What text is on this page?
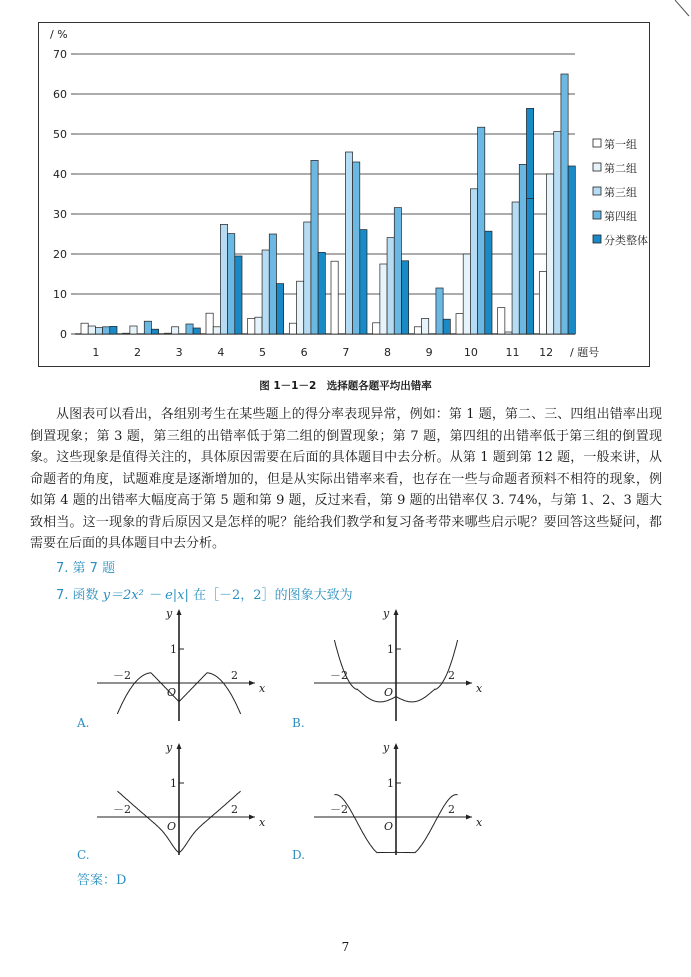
/ %
/ 题号
0
10
20
30
40
50
60
70
1	2	3	4	5	6	7	8	9	10	11 12
第一组
第二组
第三组
第四组
分类整体
图 1－1－2　选择题各题平均出错率

从图表可以看出，各组别考生在某些题上的得分率表现异常，例如：第 1 题，第二、三、四组出错率出现倒置现象；第 3 题，第三组的出错率低于第二组的倒置现象；第 7 题，第四组的出错率低于第三组的倒置现象。这些现象是值得关注的，具体原因需要在后面的具体题目中去分析。从第 1 题到第 12 题，一般来讲，从命题者的角度，试题难度是逐渐增加的，但是从实际出错率来看，也存在一些与命题者预料不相符的现象，例如第 4 题的出错率大幅度高于第 5 题和第 9 题，反过来看，第 9 题的出错率仅 3. 74%，与第 1、2、3 题大致相当。这一现象的背后原因又是怎样的呢？能给我们教学和复习备考带来哪些启示呢？要回答这些疑问，都需要在后面的具体题目中去分析。

7. 第 7 题
7. 函数 y＝2x² － e|x| 在［－2，2］的图象大致为
y
x
1
－2	2
O
y
x
1
－2	2
O
y
x
1
－2	2
O
y
x
1
－2	2
O
A.	B.
C.	D.
答案：D
7
